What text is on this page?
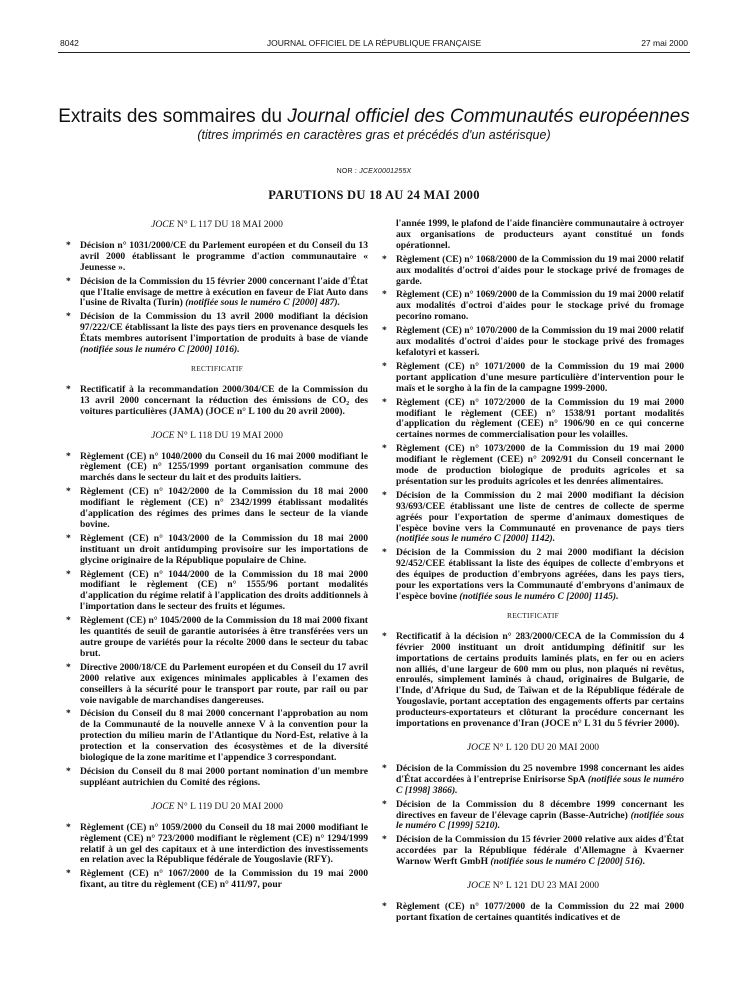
8042	JOURNAL OFFICIEL DE LA RÉPUBLIQUE FRANÇAISE	27 mai 2000
Extraits des sommaires du Journal officiel des Communautés européennes
(titres imprimés en caractères gras et précédés d'un astérisque)
NOR : JCEX0001255X
PARUTIONS DU 18 AU 24 MAI 2000
JOCE N° L 117 DU 18 MAI 2000
* Décision n° 1031/2000/CE du Parlement européen et du Conseil du 13 avril 2000 établissant le programme d'action communautaire « Jeunesse ».
* Décision de la Commission du 15 février 2000 concernant l'aide d'État que l'Italie envisage de mettre à exécution en faveur de Fiat Auto dans l'usine de Rivalta (Turin) (notifiée sous le numéro C [2000] 487).
* Décision de la Commission du 13 avril 2000 modifiant la décision 97/222/CE établissant la liste des pays tiers en provenance desquels les États membres autorisent l'importation de produits à base de viande (notifiée sous le numéro C [2000] 1016).
RECTIFICATIF
* Rectificatif à la recommandation 2000/304/CE de la Commission du 13 avril 2000 concernant la réduction des émissions de CO₂ des voitures particulières (JAMA) (JOCE n° L 100 du 20 avril 2000).
JOCE N° L 118 DU 19 MAI 2000
* Règlement (CE) n° 1040/2000 du Conseil du 16 mai 2000 modifiant le règlement (CE) n° 1255/1999 portant organisation commune des marchés dans le secteur du lait et des produits laitiers.
* Règlement (CE) n° 1042/2000 de la Commission du 18 mai 2000 modifiant le règlement (CE) n° 2342/1999 établissant modalités d'application des régimes des primes dans le secteur de la viande bovine.
* Règlement (CE) n° 1043/2000 de la Commission du 18 mai 2000 instituant un droit antidumping provisoire sur les importations de glycine originaire de la République populaire de Chine.
* Règlement (CE) n° 1044/2000 de la Commission du 18 mai 2000 modifiant le règlement (CE) n° 1555/96 portant modalités d'application du régime relatif à l'application des droits additionnels à l'importation dans le secteur des fruits et légumes.
* Règlement (CE) n° 1045/2000 de la Commission du 18 mai 2000 fixant les quantités de seuil de garantie autorisées à être transférées vers un autre groupe de variétés pour la récolte 2000 dans le secteur du tabac brut.
* Directive 2000/18/CE du Parlement européen et du Conseil du 17 avril 2000 relative aux exigences minimales applicables à l'examen des conseillers à la sécurité pour le transport par route, par rail ou par voie navigable de marchandises dangereuses.
* Décision du Conseil du 8 mai 2000 concernant l'approbation au nom de la Communauté de la nouvelle annexe V à la convention pour la protection du milieu marin de l'Atlantique du Nord-Est, relative à la protection et la conservation des écosystèmes et de la diversité biologique de la zone maritime et l'appendice 3 correspondant.
* Décision du Conseil du 8 mai 2000 portant nomination d'un membre suppléant autrichien du Comité des régions.
JOCE N° L 119 DU 20 MAI 2000
* Règlement (CE) n° 1059/2000 du Conseil du 18 mai 2000 modifiant le règlement (CE) n° 723/2000 modifiant le règlement (CE) n° 1294/1999 relatif à un gel des capitaux et à une interdiction des investissements en relation avec la République fédérale de Yougoslavie (RFY).
* Règlement (CE) n° 1067/2000 de la Commission du 19 mai 2000 fixant, au titre du règlement (CE) n° 411/97, pour
l'année 1999, le plafond de l'aide financière communautaire à octroyer aux organisations de producteurs ayant constitué un fonds opérationnel.
* Règlement (CE) n° 1068/2000 de la Commission du 19 mai 2000 relatif aux modalités d'octroi d'aides pour le stockage privé de fromages de garde.
* Règlement (CE) n° 1069/2000 de la Commission du 19 mai 2000 relatif aux modalités d'octroi d'aides pour le stockage privé du fromage pecorino romano.
* Règlement (CE) n° 1070/2000 de la Commission du 19 mai 2000 relatif aux modalités d'octroi d'aides pour le stockage privé des fromages kefalotyri et kasseri.
* Règlement (CE) n° 1071/2000 de la Commission du 19 mai 2000 portant application d'une mesure particulière d'intervention pour le maïs et le sorgho à la fin de la campagne 1999-2000.
* Règlement (CE) n° 1072/2000 de la Commission du 19 mai 2000 modifiant le règlement (CEE) n° 1538/91 portant modalités d'application du règlement (CEE) n° 1906/90 en ce qui concerne certaines normes de commercialisation pour les volailles.
* Règlement (CE) n° 1073/2000 de la Commission du 19 mai 2000 modifiant le règlement (CEE) n° 2092/91 du Conseil concernant le mode de production biologique de produits agricoles et sa présentation sur les produits agricoles et les denrées alimentaires.
* Décision de la Commission du 2 mai 2000 modifiant la décision 93/693/CEE établissant une liste de centres de collecte de sperme agréés pour l'exportation de sperme d'animaux domestiques de l'espèce bovine vers la Communauté en provenance de pays tiers (notifiée sous le numéro C [2000] 1142).
* Décision de la Commission du 2 mai 2000 modifiant la décision 92/452/CEE établissant la liste des équipes de collecte d'embryons et des équipes de production d'embryons agréées, dans les pays tiers, pour les exportations vers la Communauté d'embryons d'animaux de l'espèce bovine (notifiée sous le numéro C [2000] 1145).
RECTIFICATIF
* Rectificatif à la décision n° 283/2000/CECA de la Commission du 4 février 2000 instituant un droit antidumping définitif sur les importations de certains produits laminés plats, en fer ou en aciers non alliés, d'une largeur de 600 mm ou plus, non plaqués ni revêtus, enroulés, simplement laminés à chaud, originaires de Bulgarie, de l'Inde, d'Afrique du Sud, de Taïwan et de la République fédérale de Yougoslavie, portant acceptation des engagements offerts par certains producteurs-exportateurs et clôturant la procédure concernant les importations en provenance d'Iran (JOCE n° L 31 du 5 février 2000).
JOCE N° L 120 DU 20 MAI 2000
* Décision de la Commission du 25 novembre 1998 concernant les aides d'État accordées à l'entreprise Enirisorse SpA (notifiée sous le numéro C [1998] 3866).
* Décision de la Commission du 8 décembre 1999 concernant les directives en faveur de l'élevage caprin (Basse-Autriche) (notifiée sous le numéro C [1999] 5210).
* Décision de la Commission du 15 février 2000 relative aux aides d'État accordées par la République fédérale d'Allemagne à Kvaerner Warnow Werft GmbH (notifiée sous le numéro C [2000] 516).
JOCE N° L 121 DU 23 MAI 2000
* Règlement (CE) n° 1077/2000 de la Commission du 22 mai 2000 portant fixation de certaines quantités indicatives et de
